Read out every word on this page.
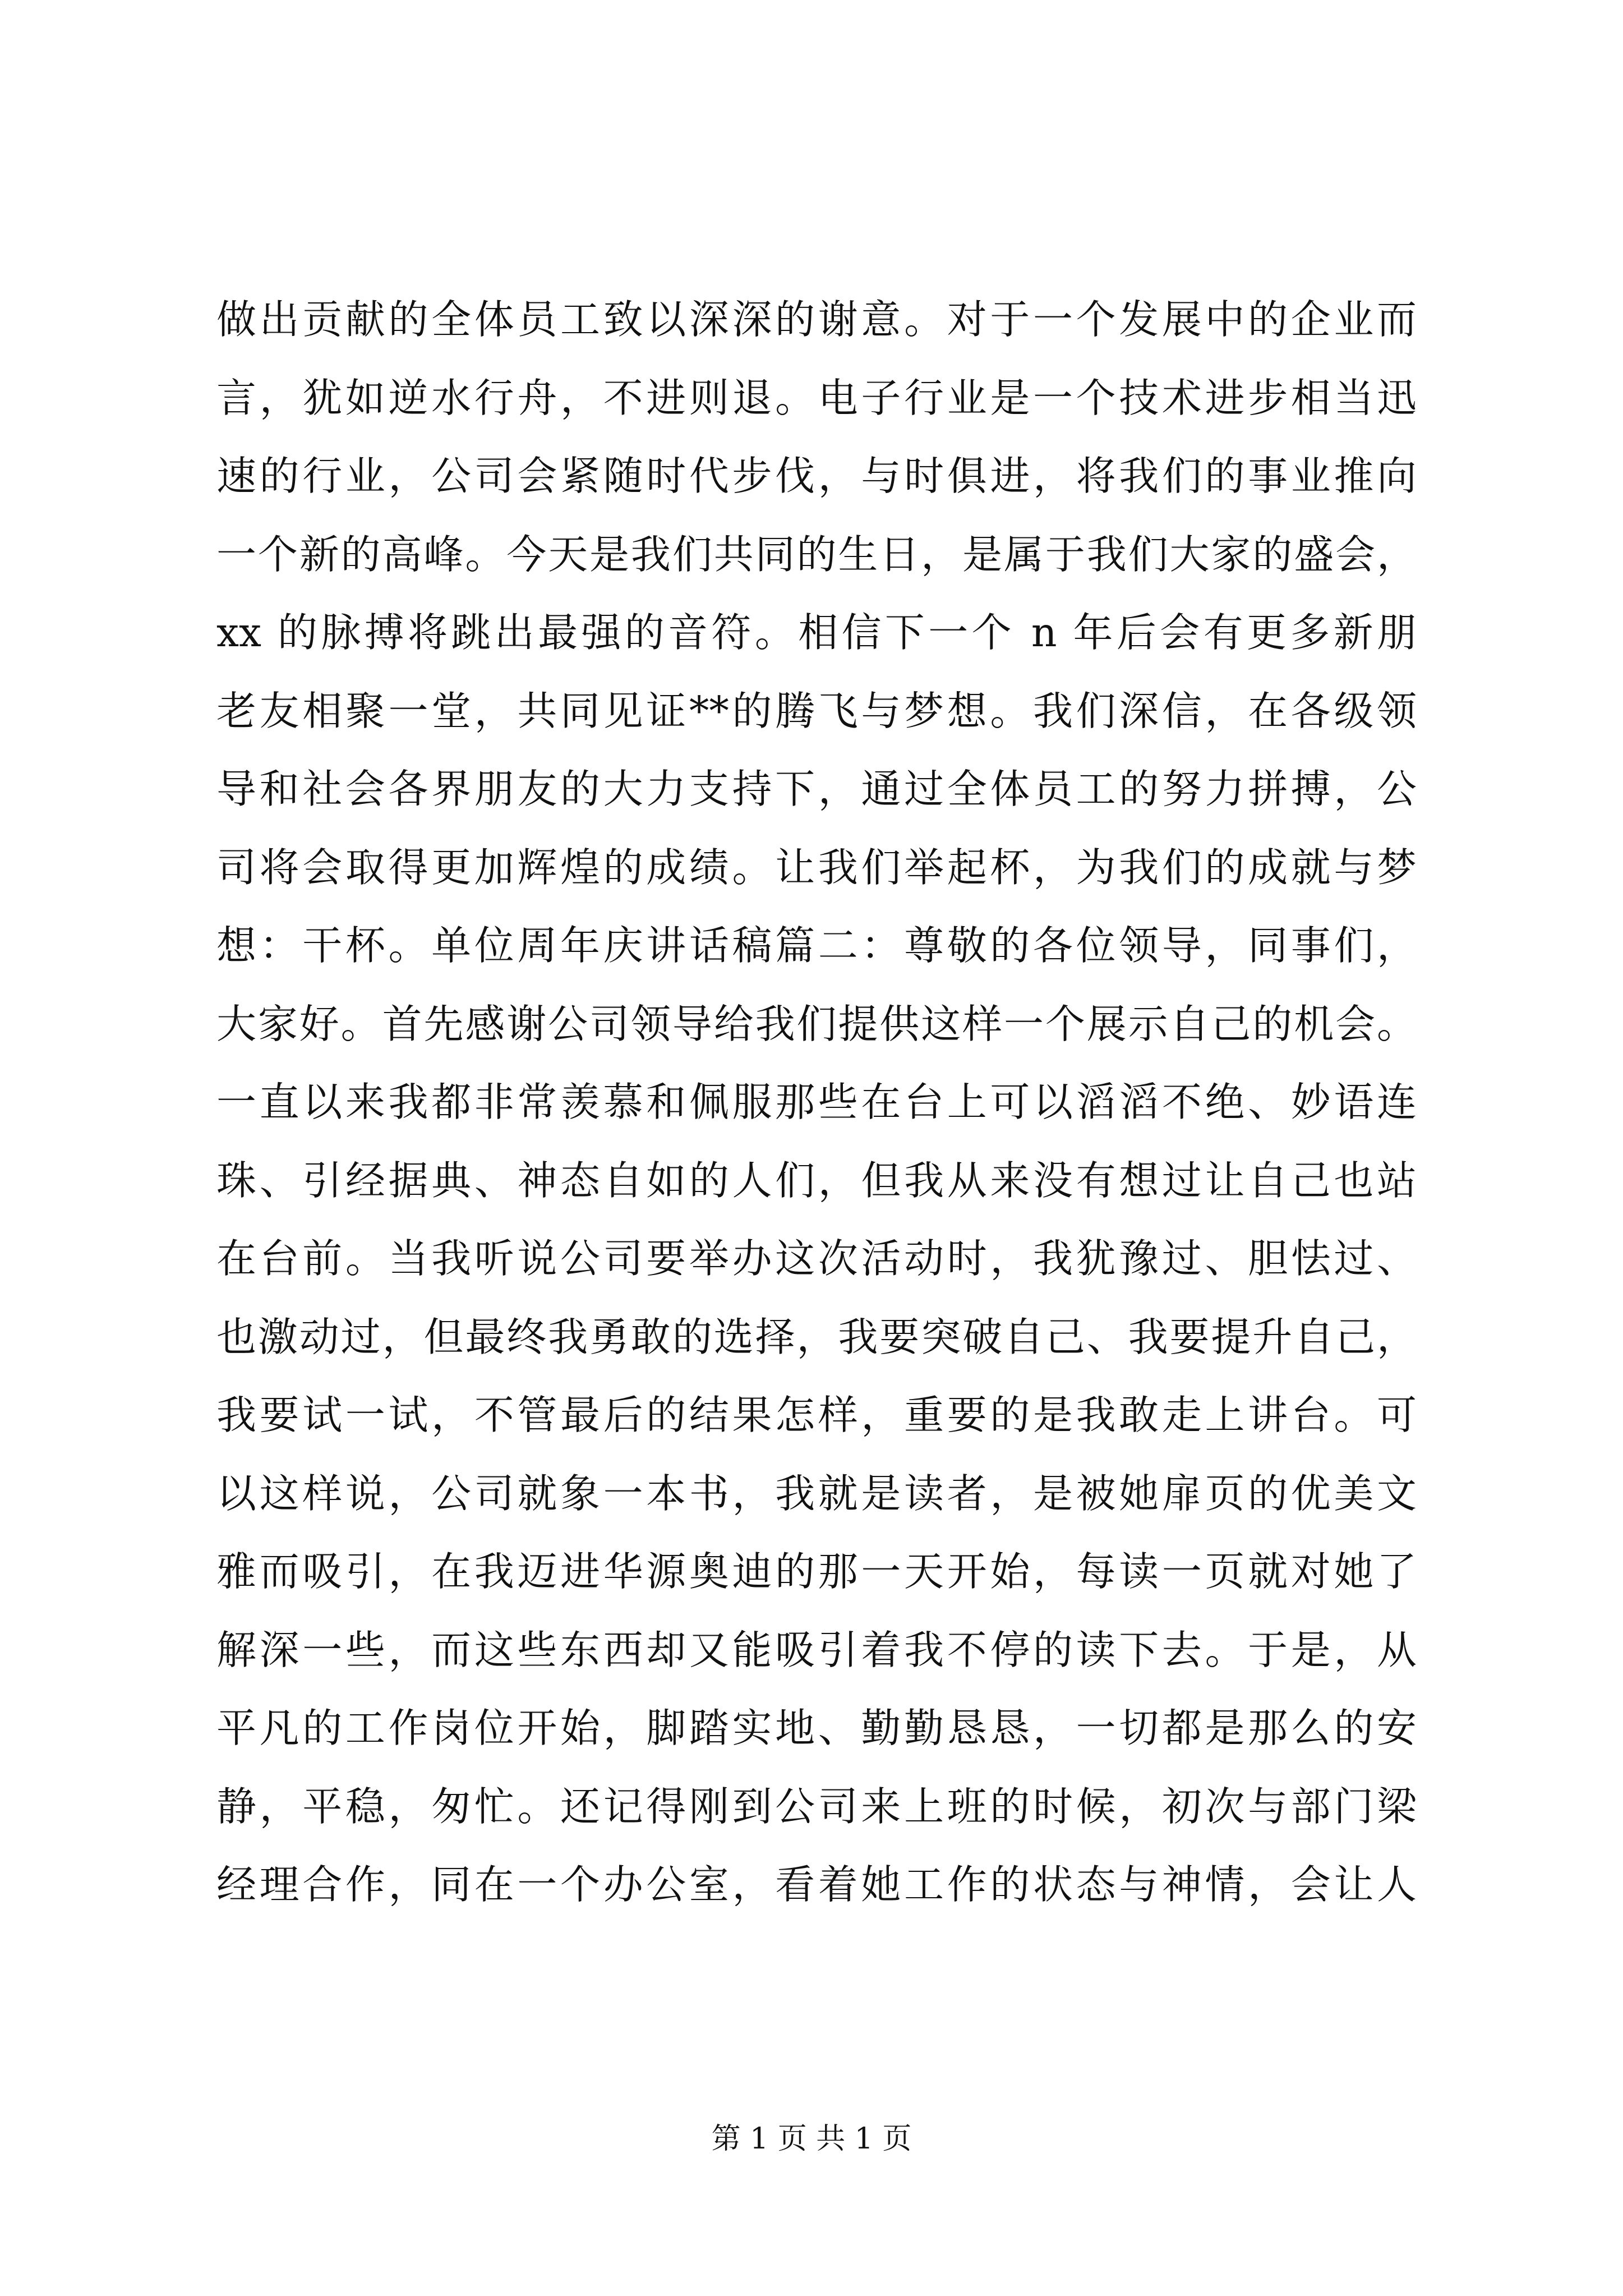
做出贡献的全体员工致以深深的谢意。对于一个发展中的企业而
言，犹如逆水行舟，不进则退。电子行业是一个技术进步相当迅
速的行业，公司会紧随时代步伐，与时俱进，将我们的事业推向
一个新的高峰。今天是我们共同的生日，是属于我们大家的盛会，
xx 的脉搏将跳出最强的音符。相信下一个 n 年后会有更多新朋
老友相聚一堂，共同见证**的腾飞与梦想。我们深信，在各级领
导和社会各界朋友的大力支持下，通过全体员工的努力拼搏，公
司将会取得更加辉煌的成绩。让我们举起杯，为我们的成就与梦
想：干杯。单位周年庆讲话稿篇二：尊敬的各位领导，同事们，
大家好。首先感谢公司领导给我们提供这样一个展示自己的机会。
一直以来我都非常羡慕和佩服那些在台上可以滔滔不绝、妙语连
珠、引经据典、神态自如的人们，但我从来没有想过让自己也站
在台前。当我听说公司要举办这次活动时，我犹豫过、胆怯过、
也激动过，但最终我勇敢的选择，我要突破自己、我要提升自己，
我要试一试，不管最后的结果怎样，重要的是我敢走上讲台。可
以这样说，公司就象一本书，我就是读者，是被她扉页的优美文
雅而吸引，在我迈进华源奥迪的那一天开始，每读一页就对她了
解深一些，而这些东西却又能吸引着我不停的读下去。于是，从
平凡的工作岗位开始，脚踏实地、勤勤恳恳，一切都是那么的安
静，平稳，匆忙。还记得刚到公司来上班的时候，初次与部门梁
经理合作，同在一个办公室，看着她工作的状态与神情，会让人
第 1 页 共 1 页
